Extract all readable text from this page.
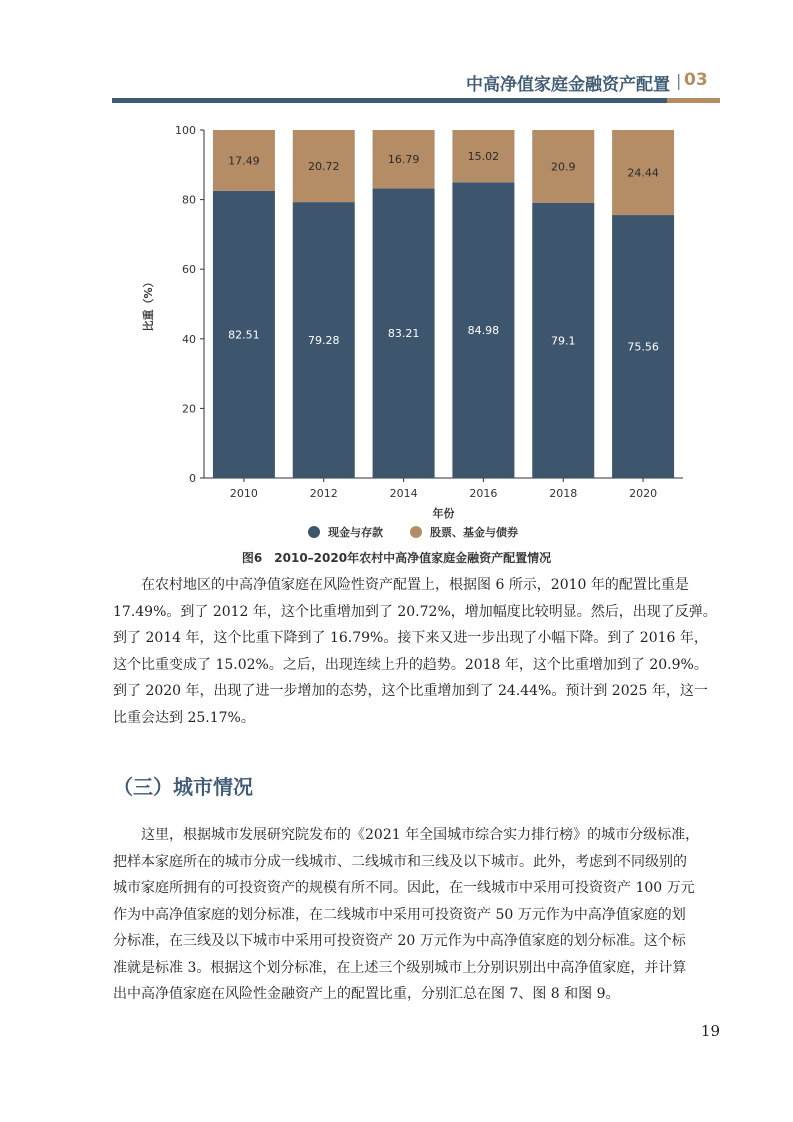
中高净值家庭金融资产配置 | 03
0
20
40
60
80
100
82.51
17.49
2010
79.28
20.72
2012
83.21
16.79
2014
84.98
15.02
2016
79.1
20.9
2018
75.56
24.44
2020
年份
比重（%）
现金与存款	股票、基金与债券
图6　2010–2020年农村中高净值家庭金融资产配置情况
在农村地区的中高净值家庭在风险性资产配置上，根据图 6 所示，2010 年的配置比重是
17.49%。到了 2012 年，这个比重增加到了 20.72%，增加幅度比较明显。然后，出现了反弹。
到了 2014 年，这个比重下降到了 16.79%。接下来又进一步出现了小幅下降。到了 2016 年，
这个比重变成了 15.02%。之后，出现连续上升的趋势。2018 年，这个比重增加到了 20.9%。
到了 2020 年，出现了进一步增加的态势，这个比重增加到了 24.44%。预计到 2025 年，这一
比重会达到 25.17%。
（三）城市情况
这里，根据城市发展研究院发布的《2021 年全国城市综合实力排行榜》的城市分级标准，
把样本家庭所在的城市分成一线城市、二线城市和三线及以下城市。此外，考虑到不同级别的
城市家庭所拥有的可投资资产的规模有所不同。因此，在一线城市中采用可投资资产 100 万元
作为中高净值家庭的划分标准，在二线城市中采用可投资资产 50 万元作为中高净值家庭的划
分标准，在三线及以下城市中采用可投资资产 20 万元作为中高净值家庭的划分标准。这个标
准就是标准 3。根据这个划分标准，在上述三个级别城市上分别识别出中高净值家庭，并计算
出中高净值家庭在风险性金融资产上的配置比重，分别汇总在图 7、图 8 和图 9。
19
